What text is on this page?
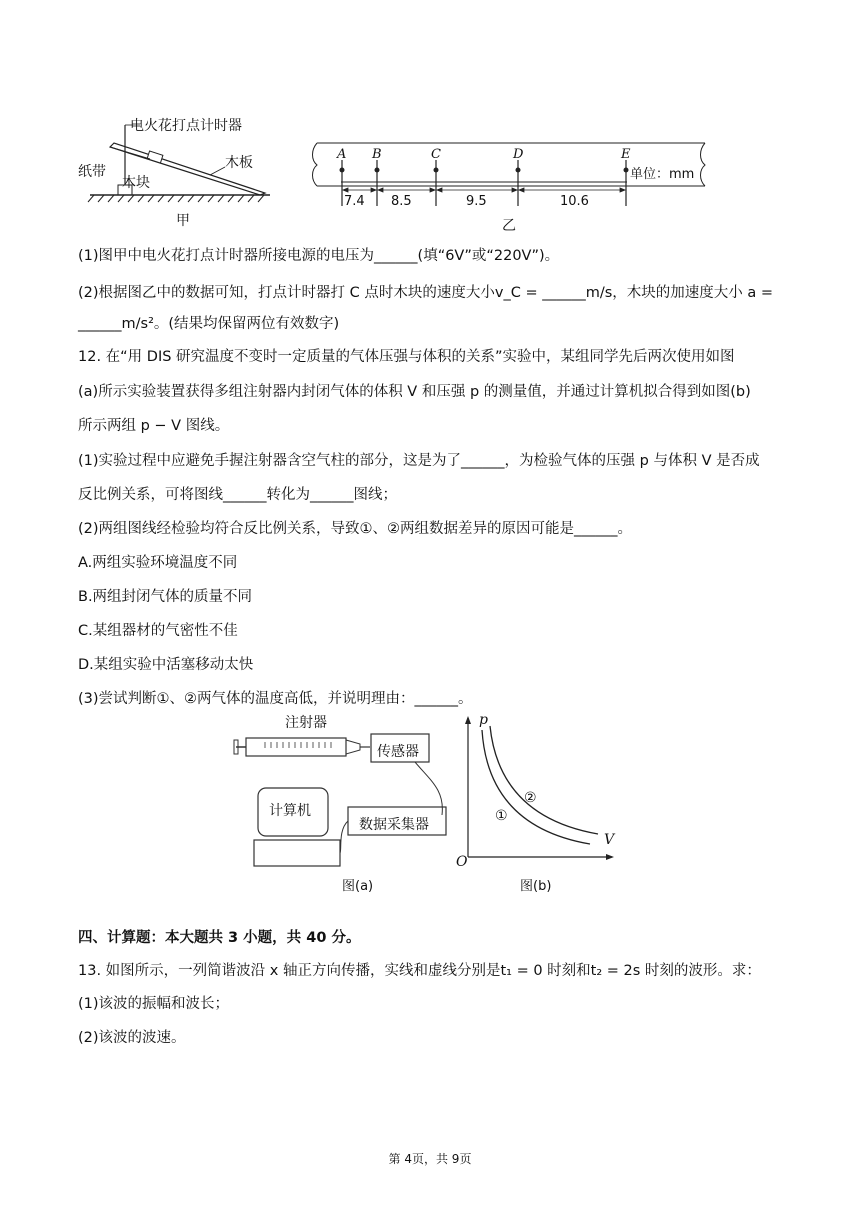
电火花打点计时器
纸带
木板
木块
甲
A B	C	D	E
7.4 8.5	9.5	10.6
单位：mm
乙
(1)图甲中电火花打点计时器所接电源的电压为______(填“6V”或“220V”)。
(2)根据图乙中的数据可知，打点计时器打 C 点时木块的速度大小v_C = ______m/s，木块的加速度大小 a =
______m/s²。(结果均保留两位有效数字)
12. 在“用 DIS 研究温度不变时一定质量的气体压强与体积的关系”实验中，某组同学先后两次使用如图
(a)所示实验装置获得多组注射器内封闭气体的体积 V 和压强 p 的测量值，并通过计算机拟合得到如图(b)
所示两组 p − V 图线。
(1)实验过程中应避免手握注射器含空气柱的部分，这是为了______，为检验气体的压强 p 与体积 V 是否成
反比例关系，可将图线______转化为______图线；
(2)两组图线经检验均符合反比例关系，导致①、②两组数据差异的原因可能是______。
A.两组实验环境温度不同
B.两组封闭气体的质量不同
C.某组器材的气密性不佳
D.某组实验中活塞移动太快
(3)尝试判断①、②两气体的温度高低，并说明理由：______。
注射器
传感器
计算机
数据采集器
图(a)
p
V
O
①
②
图(b)
四、计算题：本大题共 3 小题，共 40 分。
13. 如图所示，一列简谐波沿 x 轴正方向传播，实线和虚线分别是t₁ = 0 时刻和t₂ = 2s 时刻的波形。求：
(1)该波的振幅和波长；
(2)该波的波速。
第 4页，共 9页
